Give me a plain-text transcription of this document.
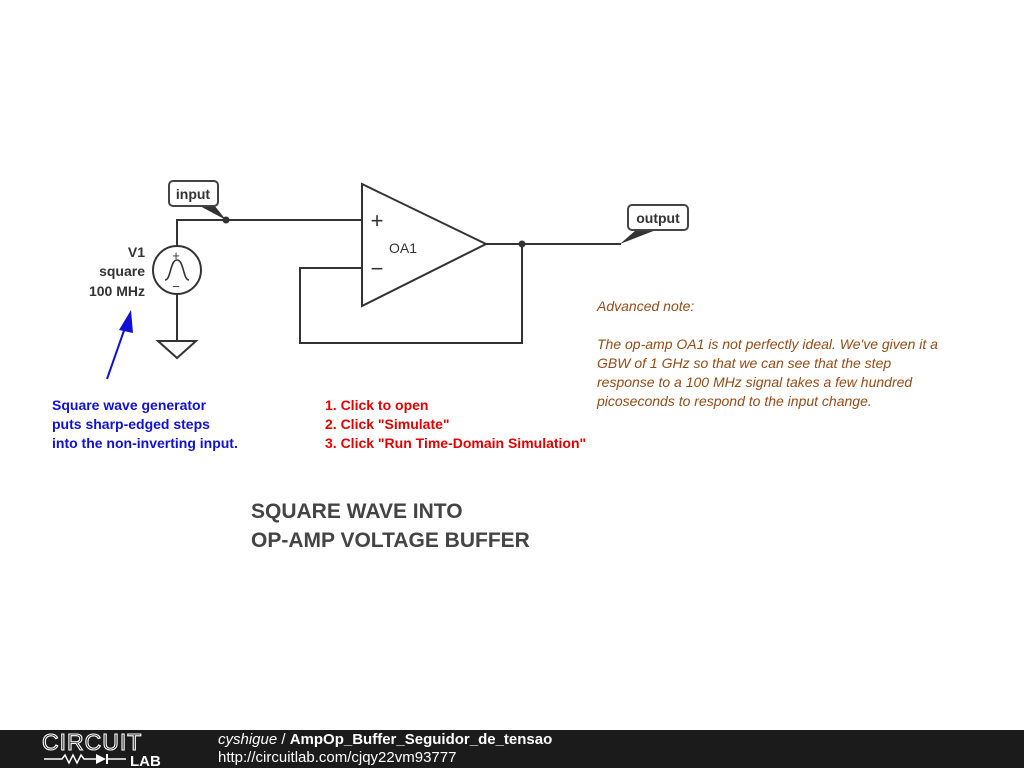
+
−
+
−
OA1
V1
square
100 MHz
input
output
Square wave generator
puts sharp-edged steps
into the non-inverting input.
1. Click to open
2. Click "Simulate"
3. Click "Run Time-Domain Simulation"

Advanced note:

The op-amp OA1 is not perfectly ideal. We've given it a

GBW of 1 GHz so that we can see that the step

response to a 100 MHz signal takes a few hundred

picoseconds to respond to the input change.

SQUARE WAVE INTO
OP-AMP VOLTAGE BUFFER
CIRCUIT
LAB
cyshigue / AmpOp_Buffer_Seguidor_de_tensao
http://circuitlab.com/cjqy22vm93777
